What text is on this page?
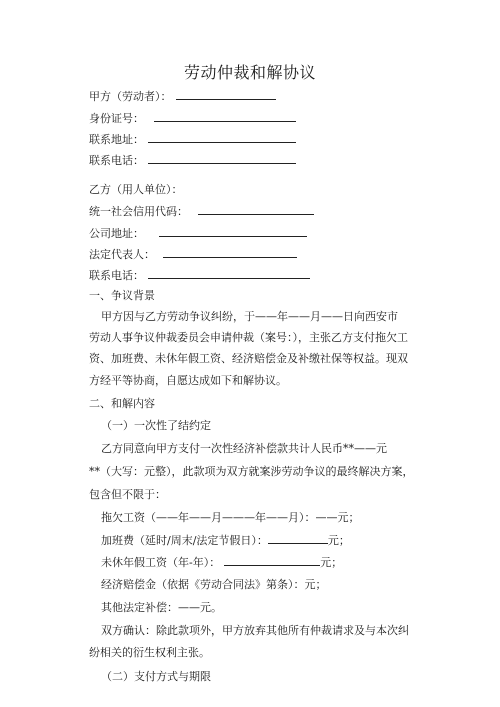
劳动仲裁和解协议
甲方（劳动者）：
身份证号：
联系地址：
联系电话：
乙方（用人单位）：
统一社会信用代码：
公司地址：
法定代表人：
联系电话：
一、争议背景
甲方因与乙方劳动争议纠纷，于——年——月——日向西安市
劳动人事争议仲裁委员会申请仲裁（案号：），主张乙方支付拖欠工
资、加班费、未休年假工资、经济赔偿金及补缴社保等权益。现双
方经平等协商，自愿达成如下和解协议。
二、和解内容
（一）一次性了结约定
乙方同意向甲方支付一次性经济补偿款共计人民币**——元
**（大写：元整），此款项为双方就案涉劳动争议的最终解决方案，
包含但不限于：
拖欠工资（——年——月———年——月）：——元；
加班费（延时/周末/法定节假日）：	元；
未休年假工资（年-年）：	元；
经济赔偿金（依据《劳动合同法》第条）：元；
其他法定补偿：——元。
双方确认：除此款项外，甲方放弃其他所有仲裁请求及与本次纠
纷相关的衍生权利主张。
（二）支付方式与期限
